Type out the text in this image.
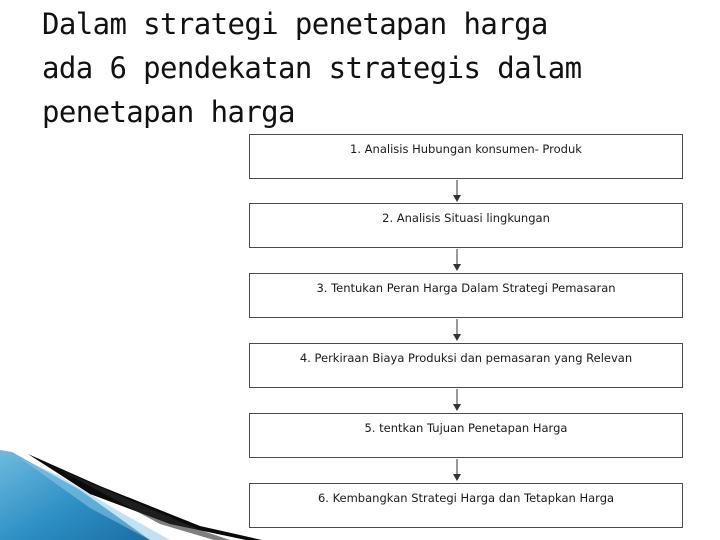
Dalam strategi penetapan harga
ada 6 pendekatan strategis dalam
penetapan harga
1. Analisis Hubungan konsumen- Produk
2. Analisis Situasi lingkungan
3. Tentukan Peran Harga Dalam Strategi Pemasaran
4. Perkiraan Biaya Produksi dan pemasaran yang Relevan
5. tentkan Tujuan Penetapan Harga
6. Kembangkan Strategi Harga dan Tetapkan Harga
